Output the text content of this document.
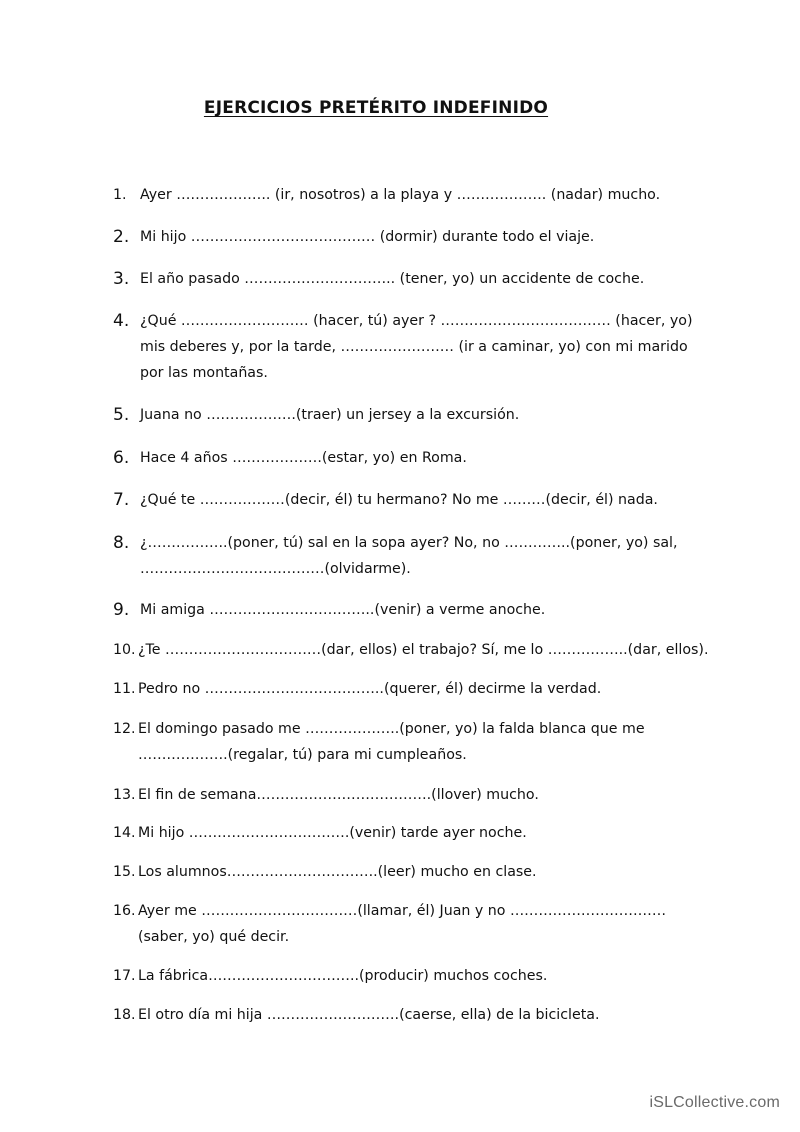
EJERCICIOS PRETÉRITO INDEFINIDO
1. Ayer ……………….. (ir, nosotros) a la playa y ………………. (nadar) mucho.
2. Mi hijo ………………………………… (dormir) durante todo el viaje.
3. El año pasado ………………………….. (tener, yo) un accidente de coche.
4. ¿Qué ……………………… (hacer, tú) ayer ? ……………………………… (hacer, yo) mis deberes y, por la tarde, …………………… (ir a caminar, yo) con mi marido por las montañas.
5. Juana no ……………….(traer) un jersey a la excursión.
6. Hace 4 años ……………….(estar, yo) en Roma.
7. ¿Qué te ………………(decir, él) tu hermano? No me ………(decir, él) nada.
8. ¿……………..(poner, tú) sal en la sopa ayer? No, no …………..(poner, yo) sal, …………………………………(olvidarme).
9. Mi amiga ……………………………..(venir) a verme anoche.
10. ¿Te ……………………………(dar, ellos) el trabajo? Sí, me lo ……………..(dar, ellos).
11. Pedro no ………………………………..(querer, él) decirme la verdad.
12. El domingo pasado me ………………..(poner, yo) la falda blanca que me ……………….(regalar, tú) para mi cumpleaños.
13. El fin de semana……………………………….(llover) mucho.
14. Mi hijo …………………………….(venir) tarde ayer noche.
15. Los alumnos…………………………..(leer) mucho en clase.
16. Ayer me ……………………………(llamar, él) Juan y no ……………………………(saber, yo) qué decir.
17. La fábrica…………………………..(producir) muchos coches.
18. El otro día mi hija ……………………….(caerse, ella) de la bicicleta.
iSLCollective.com
